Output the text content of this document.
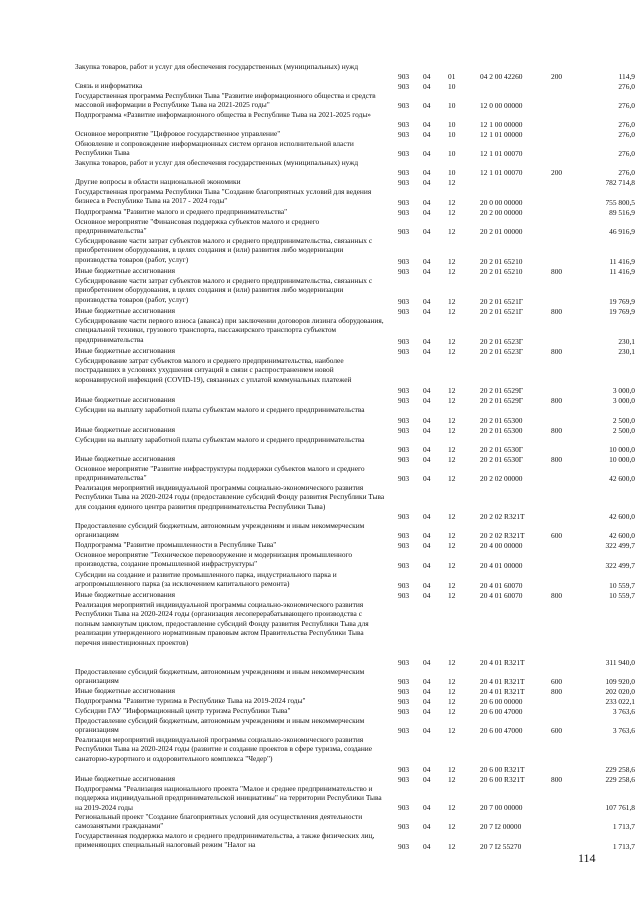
Закупка товаров, работ и услуг для обеспечения государственных (муниципальных) нужд
903 04 01	04 2 00 42260	200	114,9
Связь и информатика	903 04 10	276,0
Государственная программа Республики Тыва "Развитие информационного общества и средств массовой информации в Республике Тыва на 2021-2025 годы"	903 04 10	12 0 00 00000	276,0
Подпрограмма «Развитие информационного общества в Республике Тыва на 2021-2025 годы»
903 04 10	12 1 00 00000	276,0
Основное мероприятие "Цифровое государственное управление"	903 04 10	12 1 01 00000	276,0
Обновление и сопровождение информационных систем органов исполнительной власти Республики Тыва	903 04 10	12 1 01 00070	276,0
Закупка товаров, работ и услуг для обеспечения государственных (муниципальных) нужд
903 04 10	12 1 01 00070	200	276,0
Другие вопросы в области национальной экономики	903 04 12	782 714,8
Государственная программа Республики Тыва "Создание благоприятных условий для ведения бизнеса в Республике Тыва на 2017 - 2024 годы"	903 04 12	20 0 00 00000	755 800,5
Подпрограмма "Развитие малого и среднего предпринимательства"	903 04 12	20 2 00 00000	89 516,9
Основное мероприятие "Финансовая поддержка субъектов малого и среднего предпринимательства"	903 04 12	20 2 01 00000	46 916,9
Субсидирование части затрат субъектов малого и среднего предпринимательства, связанных с приобретением оборудования, в целях создания и (или) развития либо модернизации производства товаров (работ, услуг)	903 04 12	20 2 01 65210	11 416,9
Иные бюджетные ассигнования	903 04 12	20 2 01 65210	800	11 416,9
Субсидирование части затрат субъектов малого и среднего предпринимательства, связанных с приобретением оборудования, в целях создания и (или) развития либо модернизации производства товаров (работ, услуг)	903 04 12	20 2 01 6521Г	19 769,9
Иные бюджетные ассигнования	903 04 12	20 2 01 6521Г	800	19 769,9
Субсидирование части первого взноса (аванса) при заключении договоров лизинга оборудования, специальной техники, грузового транспорта, пассажирского транспорта субъектом предпринимательства	903 04 12	20 2 01 6523Г	230,1
Иные бюджетные ассигнования	903 04 12	20 2 01 6523Г	800	230,1
Субсидирование затрат субъектов малого и среднего предпринимательства, наиболее пострадавших в условиях ухудшения ситуаций в связи с распространением новой коронавирусной инфекцией (COVID-19), связанных с уплатой коммунальных платежей
903 04 12	20 2 01 6529Г	3 000,0
Иные бюджетные ассигнования	903 04 12	20 2 01 6529Г	800	3 000,0
Субсидии на выплату заработной платы субъектам малого и среднего предпринимательства
903 04 12	20 2 01 65300	2 500,0
Иные бюджетные ассигнования	903 04 12	20 2 01 65300	800	2 500,0
Субсидии на выплату заработной платы субъектам малого и среднего предпринимательства
903 04 12	20 2 01 6530Г	10 000,0
Иные бюджетные ассигнования	903 04 12	20 2 01 6530Г	800	10 000,0
Основное мероприятие "Развитие инфраструктуры поддержки субъектов малого и среднего предпринимательства"	903 04 12	20 2 02 00000	42 600,0
Реализация мероприятий индивидуальной программы социально-экономического развития Республики Тыва на 2020-2024 годы (предоставление субсидий Фонду развития Республики Тыва для создания единого центра развития предпринимательства Республики Тыва)
903 04 12	20 2 02 R321T	42 600,0
Предоставление субсидий бюджетным, автономным учреждениям и иным некоммерческим организациям	903 04 12	20 2 02 R321T	600	42 600,0
Подпрограмма "Развитие промышленности в Республике Тыва"	903 04 12	20 4 00 00000	322 499,7
Основное мероприятие "Техническое перевооружение и модернизация промышленного производства, создание промышленной инфраструктуры"	903 04 12	20 4 01 00000	322 499,7
Субсидии на создание и развитие промышленного парка, индустриального парка и агропромышленного парка (за исключением капитального ремонта)	903 04 12	20 4 01 60070	10 559,7
Иные бюджетные ассигнования	903 04 12	20 4 01 60070	800	10 559,7
Реализация мероприятий индивидуальной программы социально-экономического развития Республики Тыва на 2020-2024 годы (организация лесоперерабатывающего производства с полным замкнутым циклом, предоставление субсидий Фонду развития Республики Тыва для реализации утвержденного нормативным правовым актом Правительства Республики Тыва перечня инвестиционных проектов)
903 04 12	20 4 01 R321T	311 940,0
Предоставление субсидий бюджетным, автономным учреждениям и иным некоммерческим организациям	903 04 12	20 4 01 R321T	600	109 920,0
Иные бюджетные ассигнования	903 04 12	20 4 01 R321T	800	202 020,0
Подпрограмма "Развитие туризма в Республике Тыва на 2019-2024 годы"	903 04 12	20 6 00 00000	233 022,1
Субсидии ГАУ "Информационный центр туризма Республики Тыва"	903 04 12	20 6 00 47000	3 763,6
Предоставление субсидий бюджетным, автономным учреждениям и иным некоммерческим организациям	903 04 12	20 6 00 47000	600	3 763,6
Реализация мероприятий индивидуальной программы социально-экономического развития Республики Тыва на 2020-2024 годы (развитие и создание проектов в сфере туризма, создание санаторно-курортного и оздоровительного комплекса "Чедер")
903 04 12	20 6 00 R321T	229 258,6
Иные бюджетные ассигнования	903 04 12	20 6 00 R321T	800	229 258,6
Подпрограмма "Реализация национального проекта "Малое и среднее предпринимательство и поддержка индивидуальной предпринимательской инициативы" на территории Республики Тыва на 2019-2024 годы	903 04 12	20 7 00 00000	107 761,8
Региональный проект "Создание благоприятных условий для осуществления деятельности самозанятыми гражданами"	903 04 12	20 7 I2 00000	1 713,7
Государственная поддержка малого и среднего предпринимательства, а также физических лиц, применяющих специальный налоговый режим "Налог на	903 04 12	20 7 I2 55270	1 713,7
114
